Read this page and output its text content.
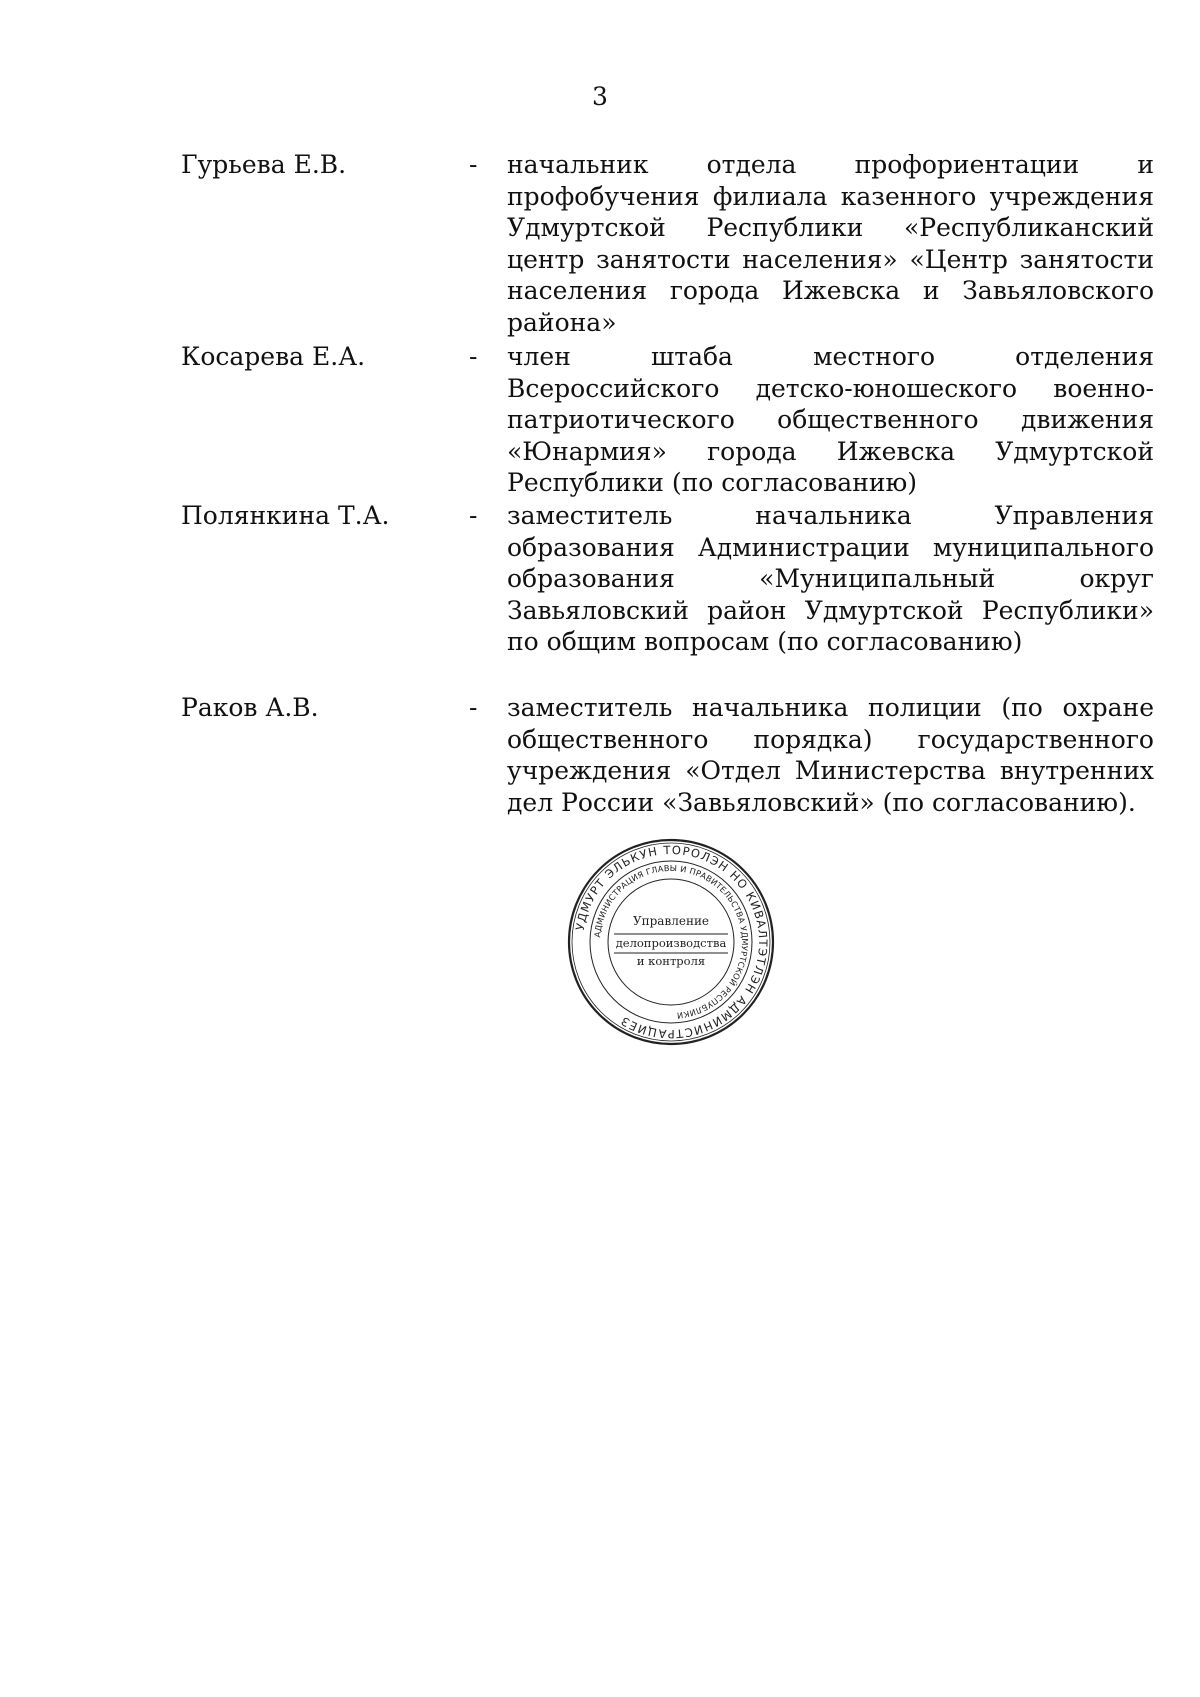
3
Гурьева Е.В.	- начальник отдела профориентации и профобучения филиала казенного учреждения Удмуртской Республики «Республиканский центр занятости населения» «Центр занятости населения города Ижевска и Завьяловского района»
Косарева Е.А.	- член штаба местного отделения Всероссийского детско-юношеского военно-патриотического общественного движения «Юнармия» города Ижевска Удмуртской Республики (по согласованию)
Полянкина Т.А.	- заместитель начальника Управления образования Администрации муниципального образования «Муниципальный округ Завьяловский район Удмуртской Республики» по общим вопросам (по согласованию)
Раков А.В.	- заместитель начальника полиции (по охране общественного порядка) государственного учреждения «Отдел Министерства внутренних дел России «Завьяловский» (по согласованию).
УДМУРТ ЭЛЬКУН ТОРОЛЭН НО КИВАЛТЭТЛЭН АДМИНИСТРАЦИЕЗ
АДМИНИСТРАЦИЯ ГЛАВЫ И ПРАВИТЕЛЬСТВА УДМУРТСКОЙ РЕСПУБЛИКИ
Управление
делопроизводства
и контроля
